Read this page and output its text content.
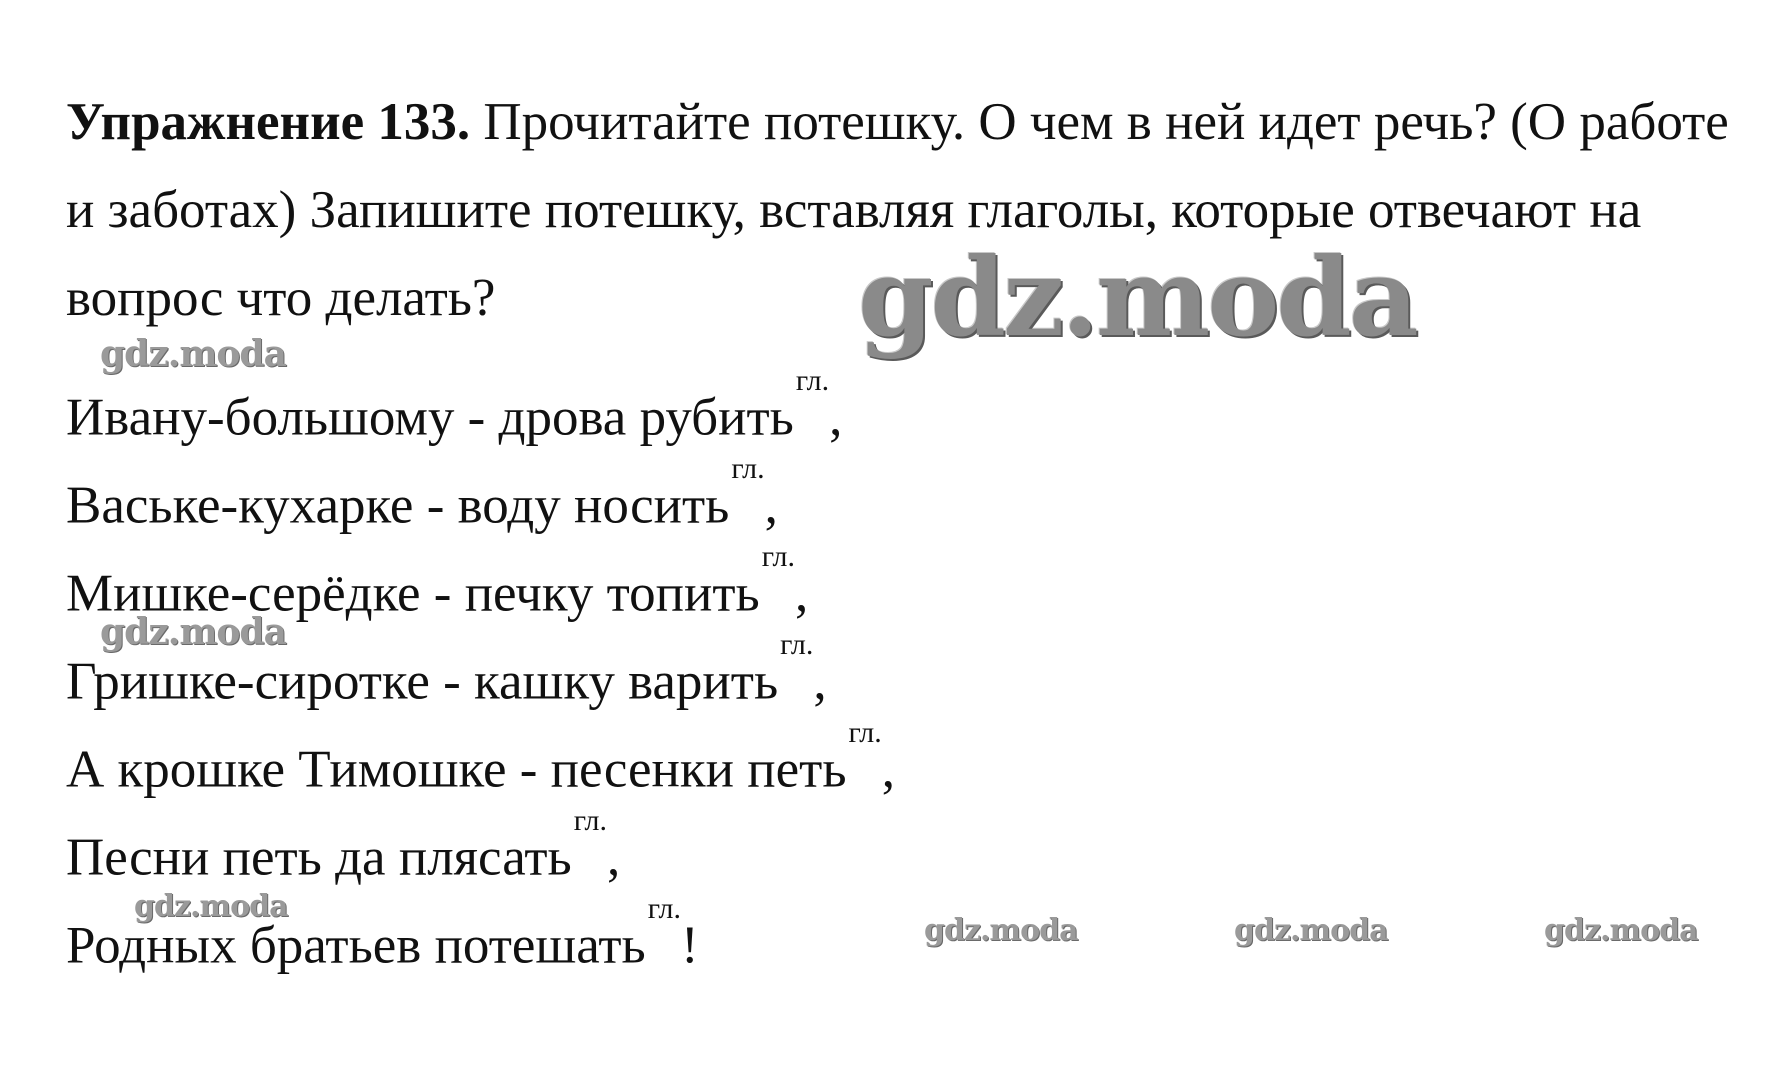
Упражнение 133. Прочитайте потешку. О чем в ней идет речь? (О работе и заботах) Запишите потешку, вставляя глаголы, которые отвечают на вопрос что делать?

Ивану-большому - дрова рубить$^{гл.}$,
Ваське-кухарке - воду носить$^{гл.}$,
Мишке-серёдке - печку топить$^{гл.}$,
Гришке-сиротке - кашку варить$^{гл.}$,
А крошке Тимошке - песенки петь$^{гл.}$,
Песни петь да плясать$^{гл.}$,
Родных братьев потешать$^{гл.}$!
gdz.moda
gdz.moda
gdz.moda
gdz.moda
gdz.moda	gdz.moda	gdz.moda
